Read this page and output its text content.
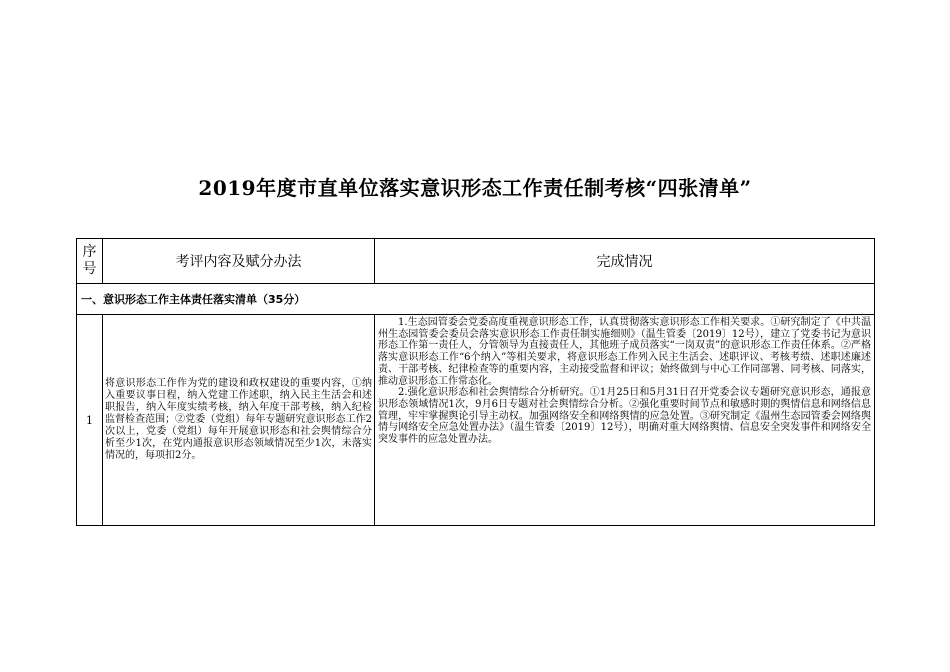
2019年度市直单位落实意识形态工作责任制考核“四张清单”
序号	考评内容及赋分办法	完成情况
一、意识形态工作主体责任落实清单（35分）		
1	将意识形态工作作为党的建设和政权建设的重要内容，①纳入重要议事日程，纳入党建工作述职，纳入民主生活会和述职报告，纳入年度实绩考核，纳入年度干部考核，纳入纪检监督检查范围；②党委（党组）每年专题研究意识形态工作2次以上，党委（党组）每年开展意识形态和社会舆情综合分析至少1次，在党内通报意识形态领域情况至少1次，未落实情况的，每项扣2分。	1.生态园管委会党委高度重视意识形态工作，认真贯彻落实意识形态工作相关要求。①研究制定了《中共温州生态园管委会委员会落实意识形态工作责任制实施细则》（温生管委〔2019〕12号），建立了党委书记为意识形态工作第一责任人，分管领导为直接责任人，其他班子成员落实“一岗双责”的意识形态工作责任体系。②严格落实意识形态工作“6个纳入”等相关要求，将意识形态工作列入民主生活会、述职评议、考核考绩、述职述廉述责、干部考核、纪律检查等的重要内容，主动接受监督和评议；始终做到与中心工作同部署、同考核、同落实，推动意识形态工作常态化。

2.强化意识形态和社会舆情综合分析研究。①1月25日和5月31日召开党委会议专题研究意识形态，通报意识形态领域情况1次，9月6日专题对社会舆情综合分析。②强化重要时间节点和敏感时期的舆情信息和网络信息管理，牢牢掌握舆论引导主动权。加强网络安全和网络舆情的应急处置。③研究制定《温州生态园管委会网络舆情与网络安全应急处置办法》（温生管委〔2019〕12号），明确对重大网络舆情、信息安全突发事件和网络安全突发事件的应急处置办法。
